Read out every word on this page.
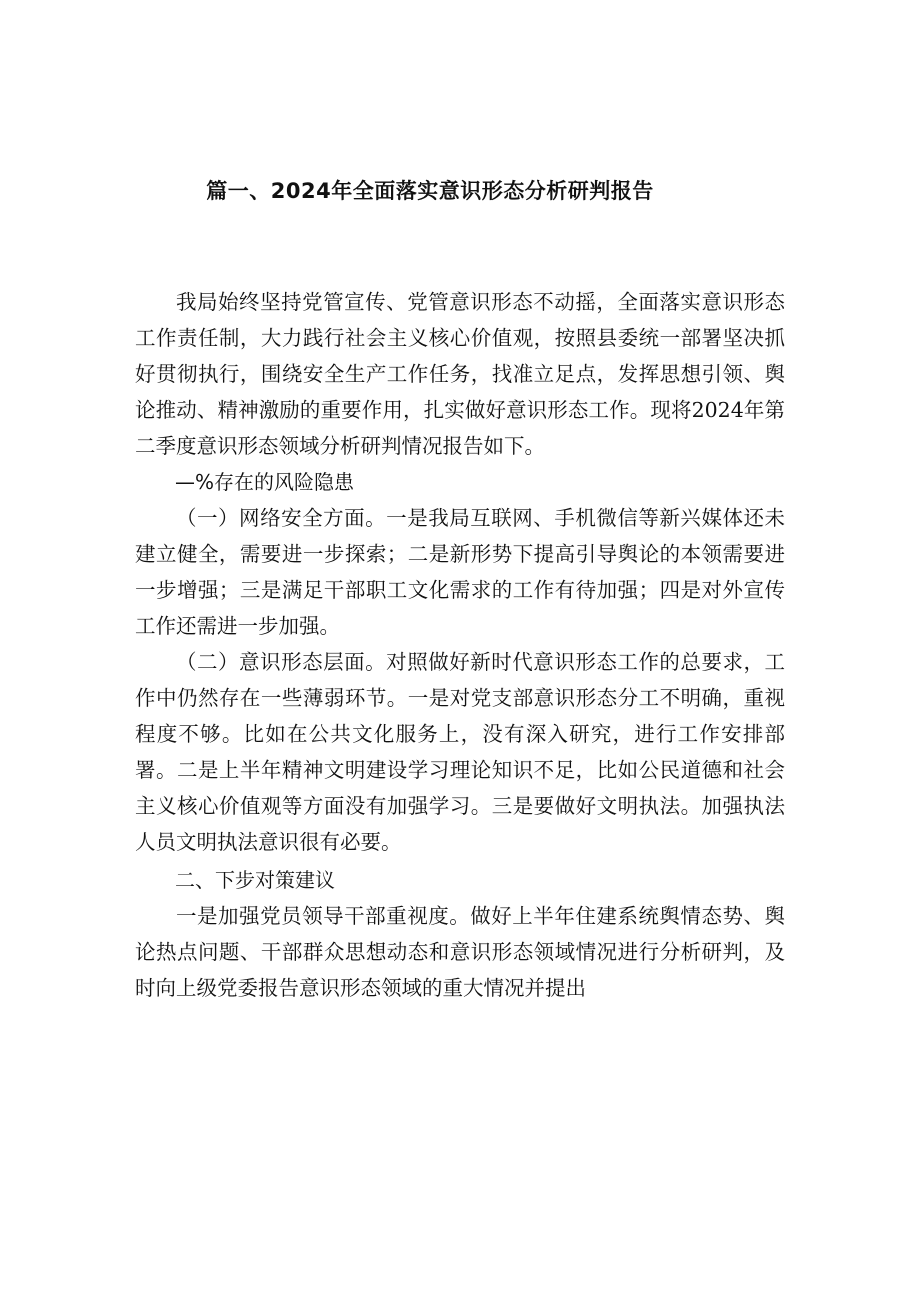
篇一、2024年全面落实意识形态分析研判报告

我局始终坚持党管宣传、党管意识形态不动摇，全面落实意识形态工作责任制，大力践行社会主义核心价值观，按照县委统一部署坚决抓好贯彻执行，围绕安全生产工作任务，找准立足点，发挥思想引领、舆论推动、精神激励的重要作用，扎实做好意识形态工作。现将2024年第二季度意识形态领域分析研判情况报告如下。

—%存在的风险隐患

（一）网络安全方面。一是我局互联网、手机微信等新兴媒体还未建立健全，需要进一步探索；二是新形势下提高引导舆论的本领需要进一步增强；三是满足干部职工文化需求的工作有待加强；四是对外宣传工作还需进一步加强。

（二）意识形态层面。对照做好新时代意识形态工作的总要求，工作中仍然存在一些薄弱环节。一是对党支部意识形态分工不明确，重视程度不够。比如在公共文化服务上，没有深入研究，进行工作安排部署。二是上半年精神文明建设学习理论知识不足，比如公民道德和社会主义核心价值观等方面没有加强学习。三是要做好文明执法。加强执法人员文明执法意识很有必要。

二、下步对策建议

一是加强党员领导干部重视度。做好上半年住建系统舆情态势、舆论热点问题、干部群众思想动态和意识形态领域情况进行分析研判，及时向上级党委报告意识形态领域的重大情况并提出
